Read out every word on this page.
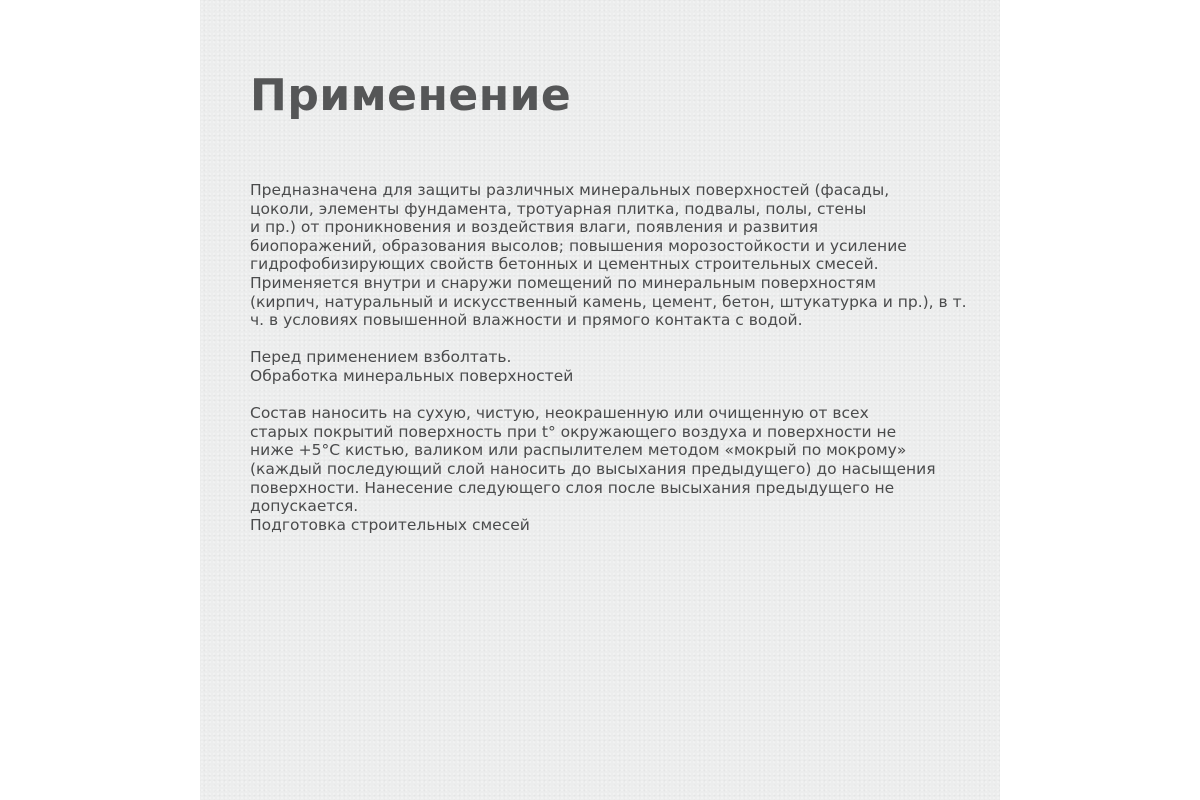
Применение
Предназначена для защиты различных минеральных поверхностей (фасады,
цоколи, элементы фундамента, тротуарная плитка, подвалы, полы, стены
и пр.) от проникновения и воздействия влаги, появления и развития
биопоражений, образования высолов; повышения морозостойкости и усиление
гидрофобизирующих свойств бетонных и цементных строительных смесей.
Применяется внутри и снаружи помещений по минеральным поверхностям
(кирпич, натуральный и искусственный камень, цемент, бетон, штукатурка и пр.), в т.
ч. в условиях повышенной влажности и прямого контакта с водой.
Перед применением взболтать.
Обработка минеральных поверхностей
Состав наносить на сухую, чистую, неокрашенную или очищенную от всех
старых покрытий поверхность при t° окружающего воздуха и поверхности не
ниже +5°С кистью, валиком или распылителем методом «мокрый по мокрому»
(каждый последующий слой наносить до высыхания предыдущего) до насыщения
поверхности. Нанесение следующего слоя после высыхания предыдущего не
допускается.
Подготовка строительных смесей
